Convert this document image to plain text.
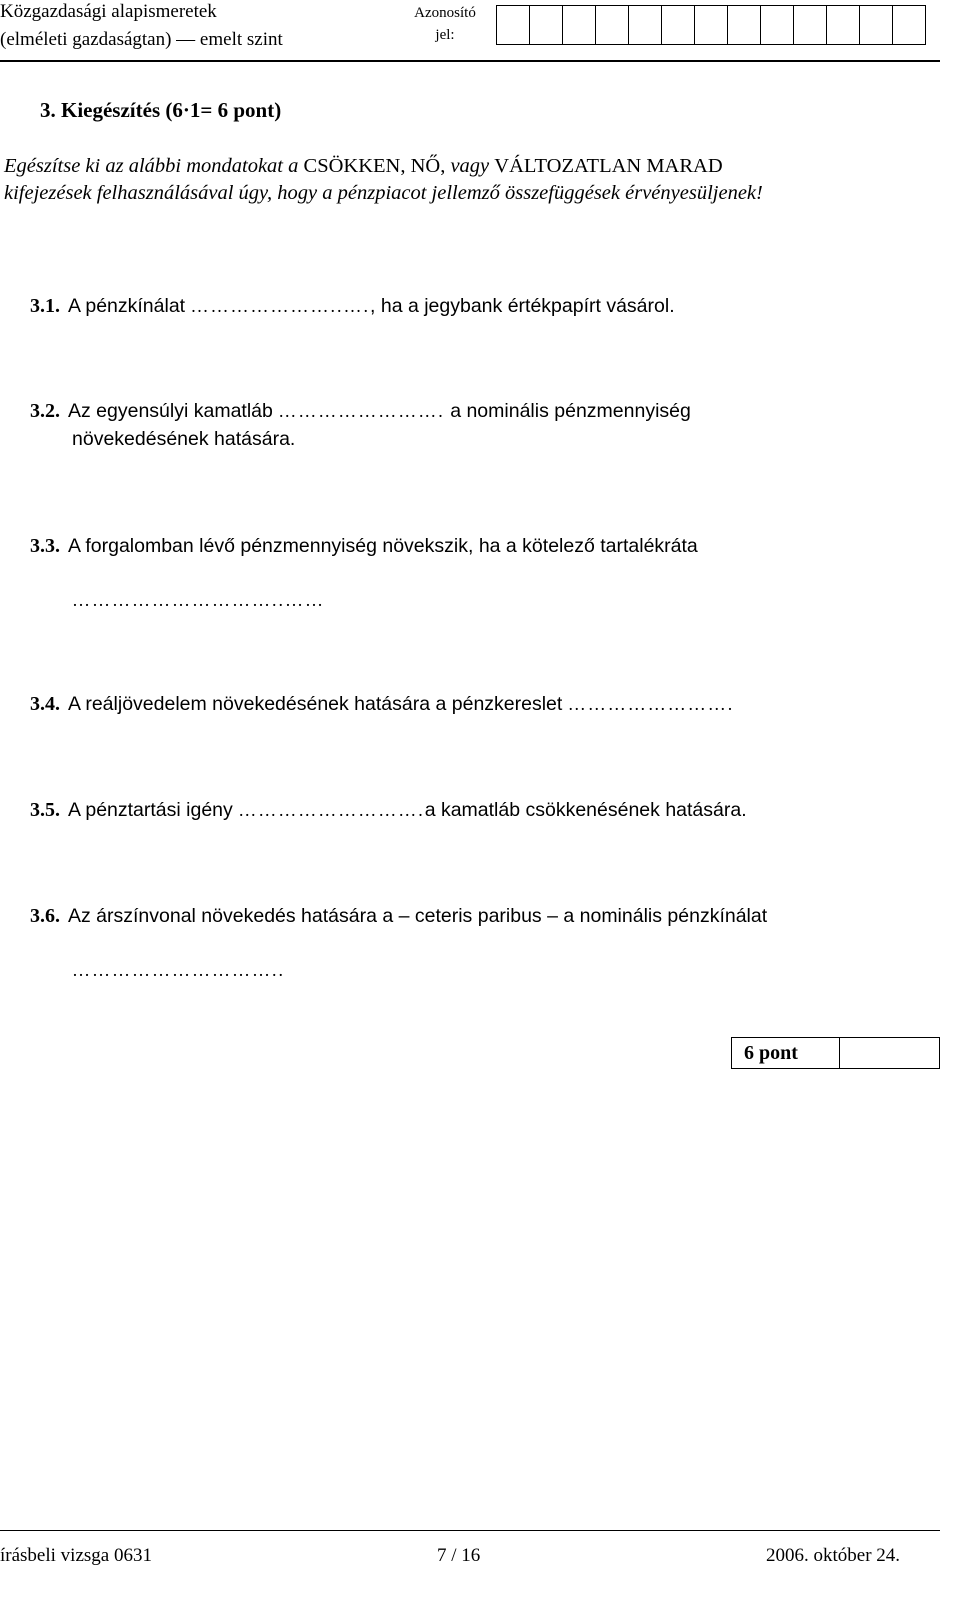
Közgazdasági alapismeretek
(elméleti gazdaságtan) — emelt szint
Azonosító
jel:
3. Kiegészítés (6·1= 6 pont)
Egészítse ki az alábbi mondatokat a CSÖKKEN, NŐ, vagy VÁLTOZATLAN MARAD
kifejezések felhasználásával úgy, hogy a pénzpiacot jellemző összefüggések érvényesüljenek!
3.1. A pénzkínálat …………………..…., ha a jegybank értékpapírt vásárol.
3.2. Az egyensúlyi kamatláb ……………………. a nominális pénzmennyiség
növekedésének hatására.
3.3. A forgalomban lévő pénzmennyiség növekszik, ha a kötelező tartalékráta
…………………………..……
3.4. A reáljövedelem növekedésének hatására a pénzkereslet …………………….
3.5. A pénztartási igény ……………………….a kamatláb csökkenésének hatására.
3.6. Az árszínvonal növekedés hatására a – ceteris paribus – a nominális pénzkínálat
…………………………..
6 pont
írásbeli vizsga 0631	7 / 16	2006. október 24.
